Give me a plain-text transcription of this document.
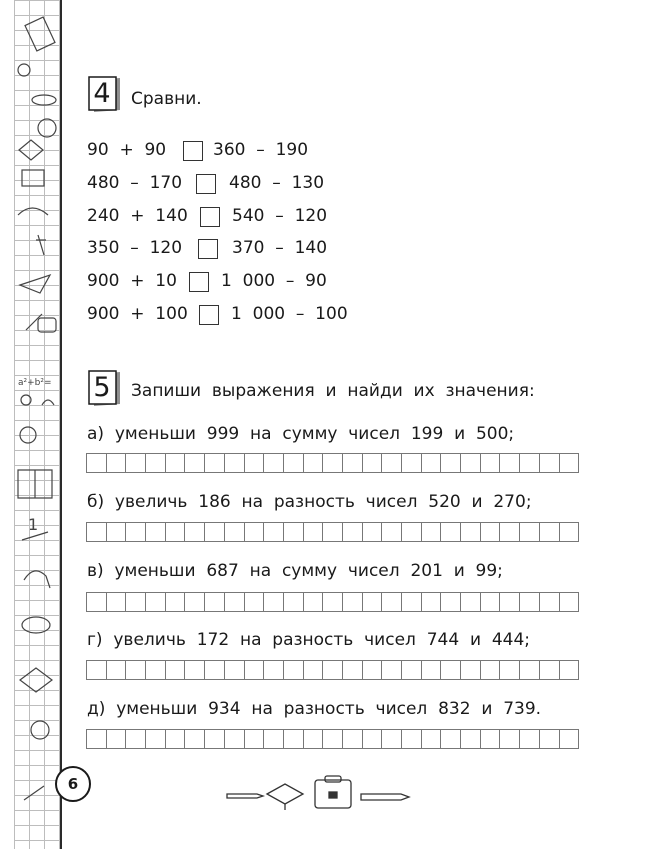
a²+b²=
1
6
4	Сравни.
90  +  90	360  –  190
480  –  170	480  –  130
240  +  140	540  –  120
350  –  120	370  –  140
900  +  10	1  000  –  90
900  +  100	1  000  –  100
5	Запиши  выражения  и  найди  их  значения:
а)  уменьши  999  на  сумму  чисел  199  и  500;
б)  увеличь  186  на  разность  чисел  520  и  270;
в)  уменьши  687  на  сумму  чисел  201  и  99;
г)  увеличь  172  на  разность  чисел  744  и  444;
д)  уменьши  934  на  разность  чисел  832  и  739.
